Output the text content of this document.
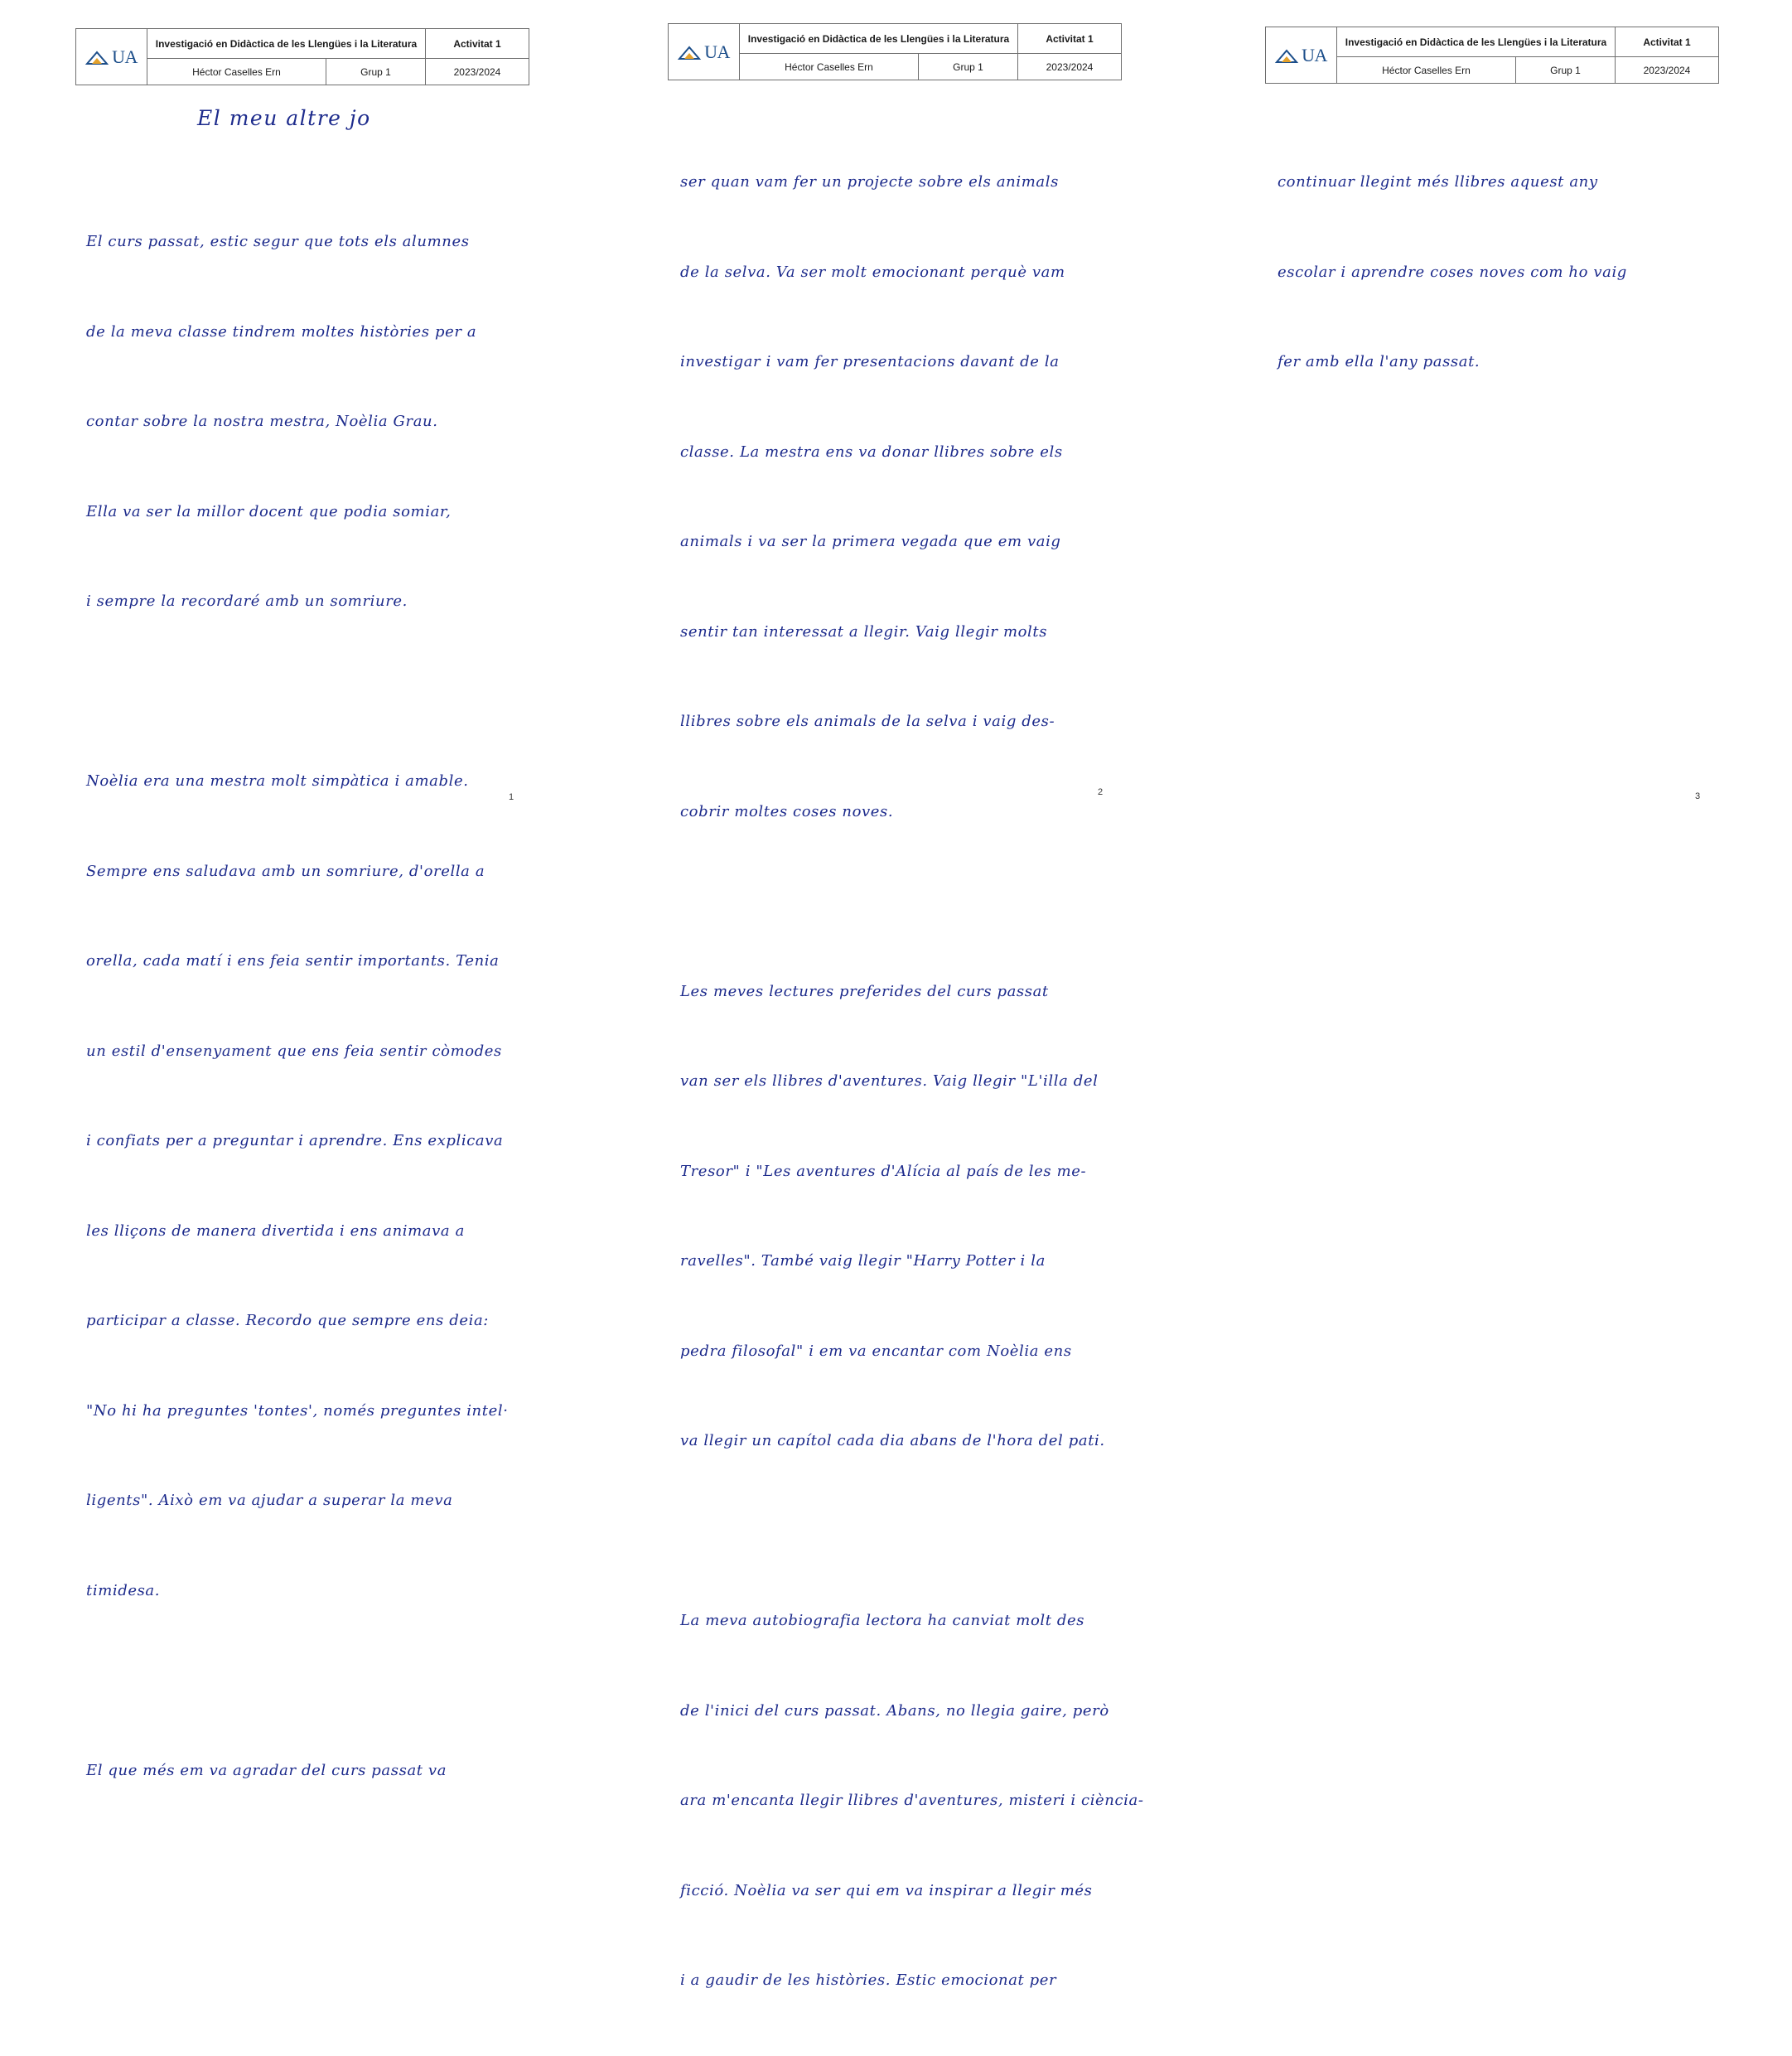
UA
Investigació en Didàctica de les Llengües i la Literatura	Activitat 1
Héctor Caselles Ern	Grup 1	2023/2024
El meu altre jo

El curs passat, estic segur que tots els alumnes

de la meva classe tindrem moltes històries per a

contar sobre la nostra mestra, Noèlia Grau.

Ella va ser la millor docent que podia somiar,

i sempre la recordaré amb un somriure.

Noèlia era una mestra molt simpàtica i amable.

Sempre ens saludava amb un somriure, d'orella a

orella, cada matí i ens feia sentir importants. Tenia

un estil d'ensenyament que ens feia sentir còmodes

i confiats per a preguntar i aprendre. Ens explicava

les lliçons de manera divertida i ens animava a

participar a classe. Recordo que sempre ens deia:

"No hi ha preguntes 'tontes', només preguntes intel·

ligents". Això em va ajudar a superar la meva

timidesa.

El que més em va agradar del curs passat va

1
UA
Investigació en Didàctica de les Llengües i la Literatura	Activitat 1
Héctor Caselles Ern	Grup 1	2023/2024

ser quan vam fer un projecte sobre els animals

de la selva. Va ser molt emocionant perquè vam

investigar i vam fer presentacions davant de la

classe. La mestra ens va donar llibres sobre els

animals i va ser la primera vegada que em vaig

sentir tan interessat a llegir. Vaig llegir molts

llibres sobre els animals de la selva i vaig des-

cobrir moltes coses noves.

Les meves lectures preferides del curs passat

van ser els llibres d'aventures. Vaig llegir "L'illa del

Tresor" i "Les aventures d'Alícia al país de les me-

ravelles". També vaig llegir "Harry Potter i la

pedra filosofal" i em va encantar com Noèlia ens

va llegir un capítol cada dia abans de l'hora del pati.

La meva autobiografia lectora ha canviat molt des

de l'inici del curs passat. Abans, no llegia gaire, però

ara m'encanta llegir llibres d'aventures, misteri i ciència-

ficció. Noèlia va ser qui em va inspirar a llegir més

i a gaudir de les històries. Estic emocionat per

2
UA
Investigació en Didàctica de les Llengües i la Literatura	Activitat 1
Héctor Caselles Ern	Grup 1	2023/2024

continuar llegint més llibres aquest any

escolar i aprendre coses noves com ho vaig

fer amb ella l'any passat.

3
